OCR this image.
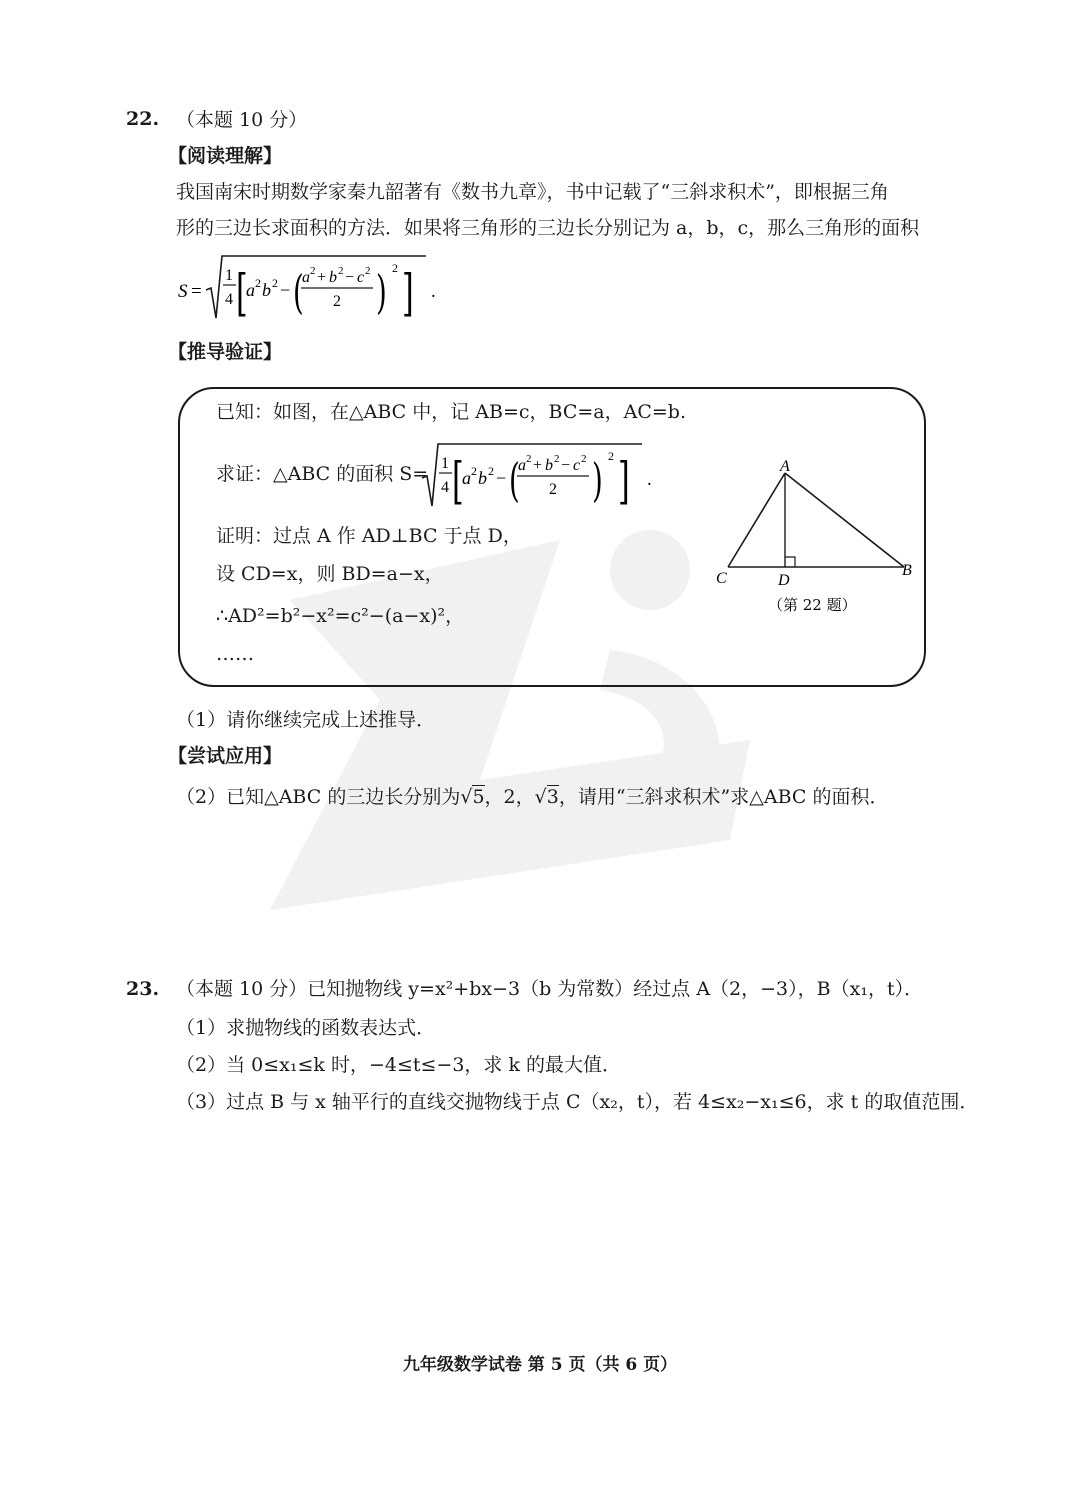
22. （本题 10 分）
【阅读理解】
我国南宋时期数学家秦九韶著有《数书九章》，书中记载了“三斜求积术”，即根据三角
形的三边长求面积的方法．如果将三角形的三边长分别记为 a，b，c，那么三角形的面积
S =
1
4 [
a 2 b 2 − (
a 2 + b 2 − c 2
2 ) 2 ] .
【推导验证】
已知：如图，在△ABC 中，记 AB=c，BC=a，AC=b.
求证：△ABC 的面积 S= 1
4 [
a 2 b 2 − (
a 2 + b 2 − c 2
2 ) 2 ] .
证明：过点 A 作 AD⊥BC 于点 D，
设 CD=x，则 BD=a−x，
∴AD²=b²−x²=c²−(a−x)²，
……
A
C	D
B
（第 22 题）
（1）请你继续完成上述推导．
【尝试应用】
（2）已知△ABC 的三边长分别为√5，2，√3，请用“三斜求积术”求△ABC 的面积．
23. （本题 10 分）已知抛物线 y=x²+bx−3（b 为常数）经过点 A（2，−3），B（x₁，t）．
（1）求抛物线的函数表达式．
（2）当 0≤x₁≤k 时，−4≤t≤−3，求 k 的最大值．
（3）过点 B 与 x 轴平行的直线交抛物线于点 C（x₂，t），若 4≤x₂−x₁≤6，求 t 的取值范围．
九年级数学试卷 第 5 页（共 6 页）
